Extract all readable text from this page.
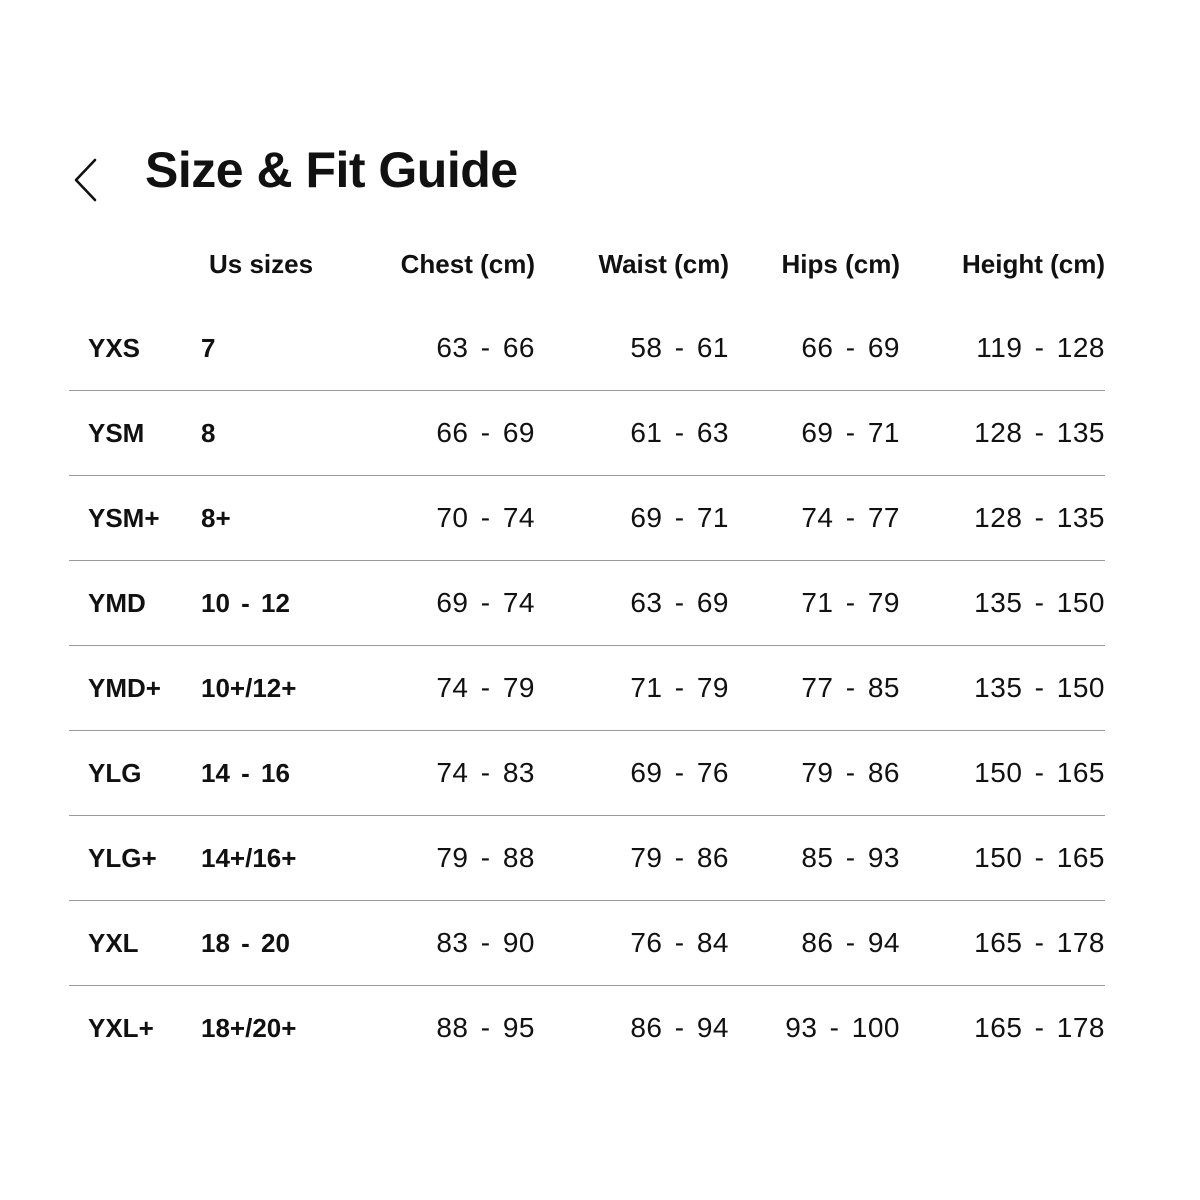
Size & Fit Guide
	Us sizes	Chest (cm)	Waist (cm)	Hips (cm)	Height (cm)
YXS	7	63 - 66	58 - 61	66 - 69	119 - 128
YSM	8	66 - 69	61 - 63	69 - 71	128 - 135
YSM+	8+	70 - 74	69 - 71	74 - 77	128 - 135
YMD	10 - 12	69 - 74	63 - 69	71 - 79	135 - 150
YMD+	10+/12+	74 - 79	71 - 79	77 - 85	135 - 150
YLG	14 - 16	74 - 83	69 - 76	79 - 86	150 - 165
YLG+	14+/16+	79 - 88	79 - 86	85 - 93	150 - 165
YXL	18 - 20	83 - 90	76 - 84	86 - 94	165 - 178
YXL+	18+/20+	88 - 95	86 - 94	93 - 100	165 - 178
